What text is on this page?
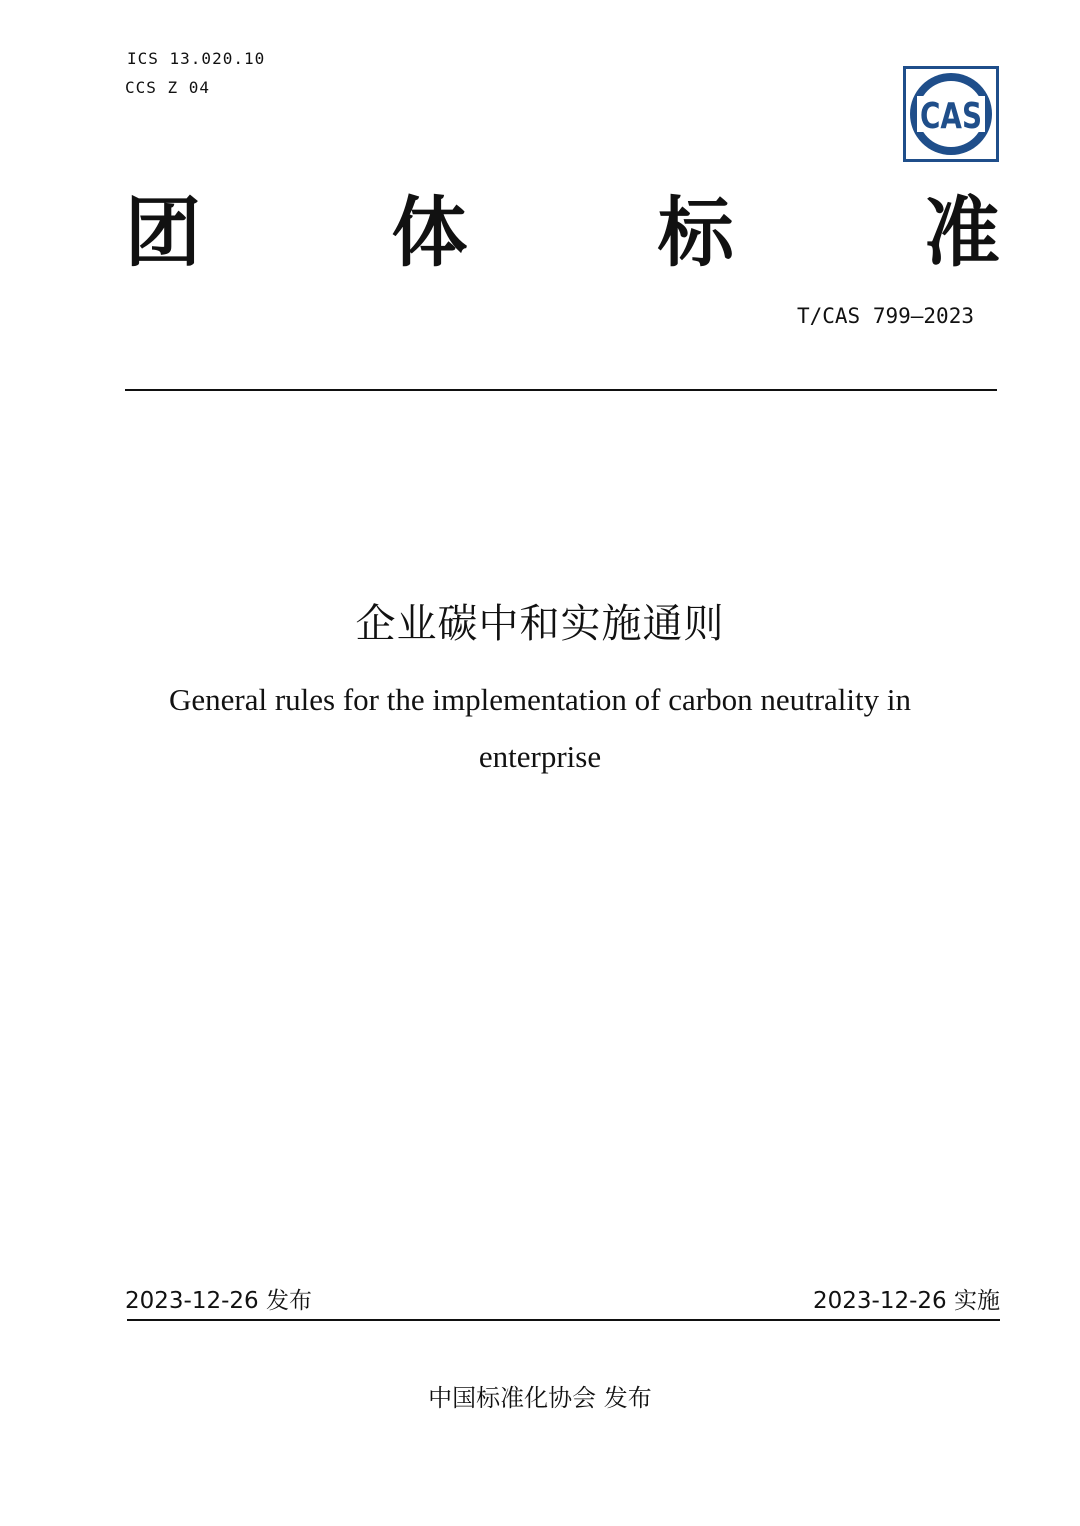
ICS 13.020.10
CCS Z 04
CAS
团	体	标	准
T/CAS 799—2023
企业碳中和实施通则
General rules for the implementation of carbon neutrality in
enterprise
2023-12-26 发布	2023-12-26 实施
中国标准化协会 发布
